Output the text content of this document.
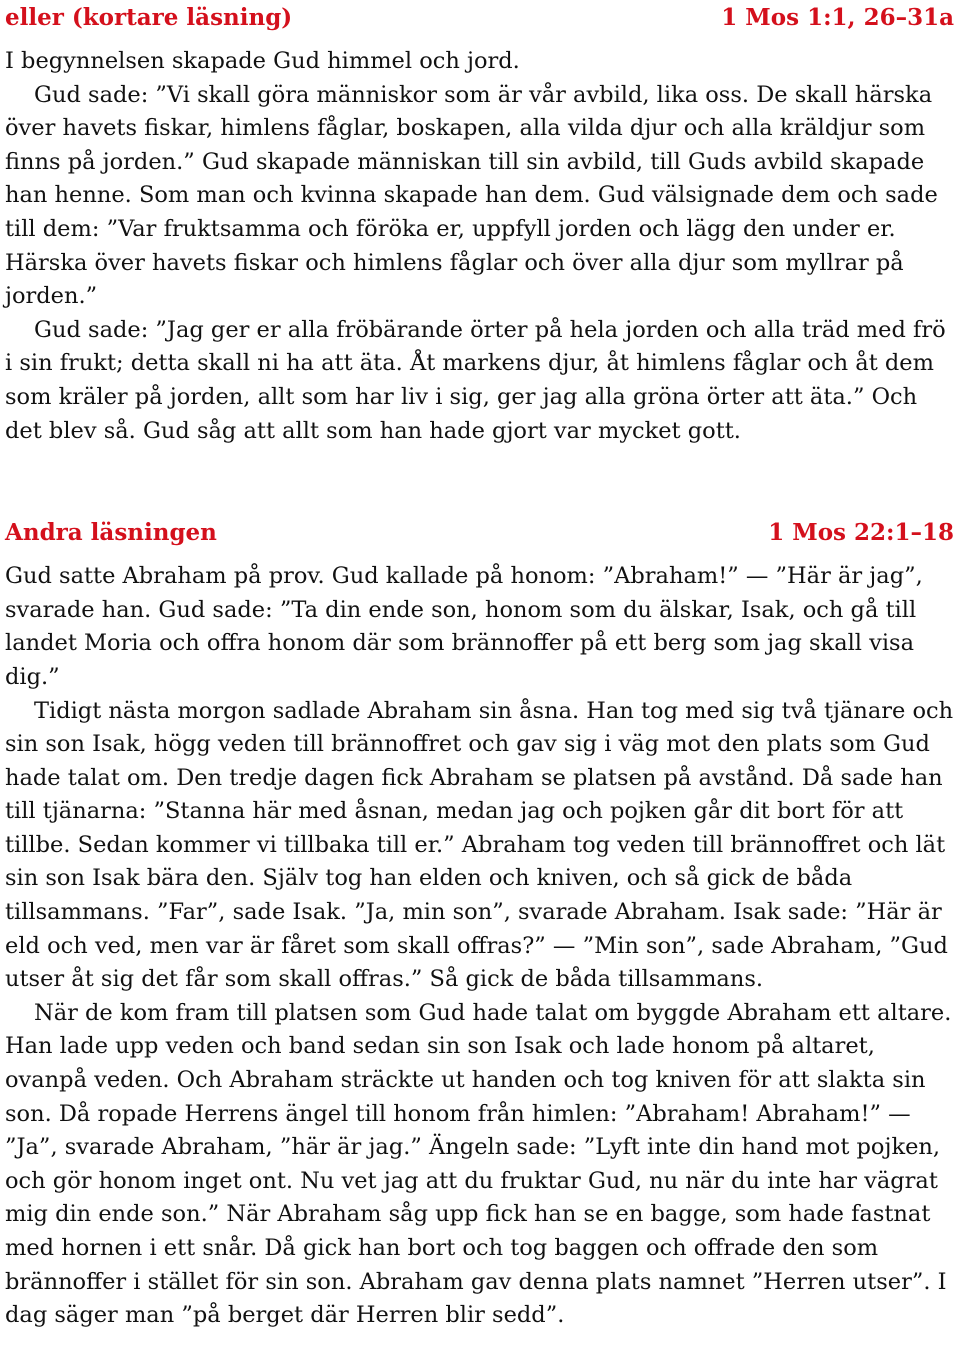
eller (kortare läsning)	1 Mos 1:1, 26–31a

I begynnelsen skapade Gud himmel och jord.

Gud sade: ”Vi skall göra människor som är vår avbild, lika oss. De skall härska över havets fiskar, himlens fåglar, boskapen, alla vilda djur och alla kräldjur som finns på jorden.” Gud skapade människan till sin avbild, till Guds avbild skapade han henne. Som man och kvinna skapade han dem. Gud välsignade dem och sade till dem: ”Var fruktsamma och föröka er, uppfyll jorden och lägg den under er. Härska över havets fiskar och himlens fåglar och över alla djur som myllrar på jorden.”

Gud sade: ”Jag ger er alla fröbärande örter på hela jorden och alla träd med frö i sin frukt; detta skall ni ha att äta. Åt markens djur, åt himlens fåglar och åt dem som kräler på jorden, allt som har liv i sig, ger jag alla gröna örter att äta.” Och det blev så. Gud såg att allt som han hade gjort var mycket gott.

Andra läsningen	1 Mos 22:1–18

Gud satte Abraham på prov. Gud kallade på honom: ”Abraham!” — ”Här är jag”, svarade han. Gud sade: ”Ta din ende son, honom som du älskar, Isak, och gå till landet Moria och offra honom där som brännoffer på ett berg som jag skall visa dig.”

Tidigt nästa morgon sadlade Abraham sin åsna. Han tog med sig två tjänare och sin son Isak, högg veden till brännoffret och gav sig i väg mot den plats som Gud hade talat om. Den tredje dagen fick Abraham se platsen på avstånd. Då sade han till tjänarna: ”Stanna här med åsnan, medan jag och pojken går dit bort för att tillbe. Sedan kommer vi tillbaka till er.” Abraham tog veden till brännoffret och lät sin son Isak bära den. Själv tog han elden och kniven, och så gick de båda tillsammans. ”Far”, sade Isak. ”Ja, min son”, svarade Abraham. Isak sade: ”Här är eld och ved, men var är fåret som skall offras?” — ”Min son”, sade Abraham, ”Gud utser åt sig det får som skall offras.” Så gick de båda tillsammans.

När de kom fram till platsen som Gud hade talat om byggde Abraham ett altare. Han lade upp veden och band sedan sin son Isak och lade honom på altaret, ovanpå veden. Och Abraham sträckte ut handen och tog kniven för att slakta sin son. Då ropade Herrens ängel till honom från himlen: ”Abraham! Abraham!” — ”Ja”, svarade Abraham, ”här är jag.” Ängeln sade: ”Lyft inte din hand mot pojken, och gör honom inget ont. Nu vet jag att du fruktar Gud, nu när du inte har vägrat mig din ende son.” När Abraham såg upp fick han se en bagge, som hade fastnat med hornen i ett snår. Då gick han bort och tog baggen och offrade den som brännoffer i stället för sin son. Abraham gav denna plats namnet ”Herren utser”. I dag säger man ”på berget där Herren blir sedd”.
